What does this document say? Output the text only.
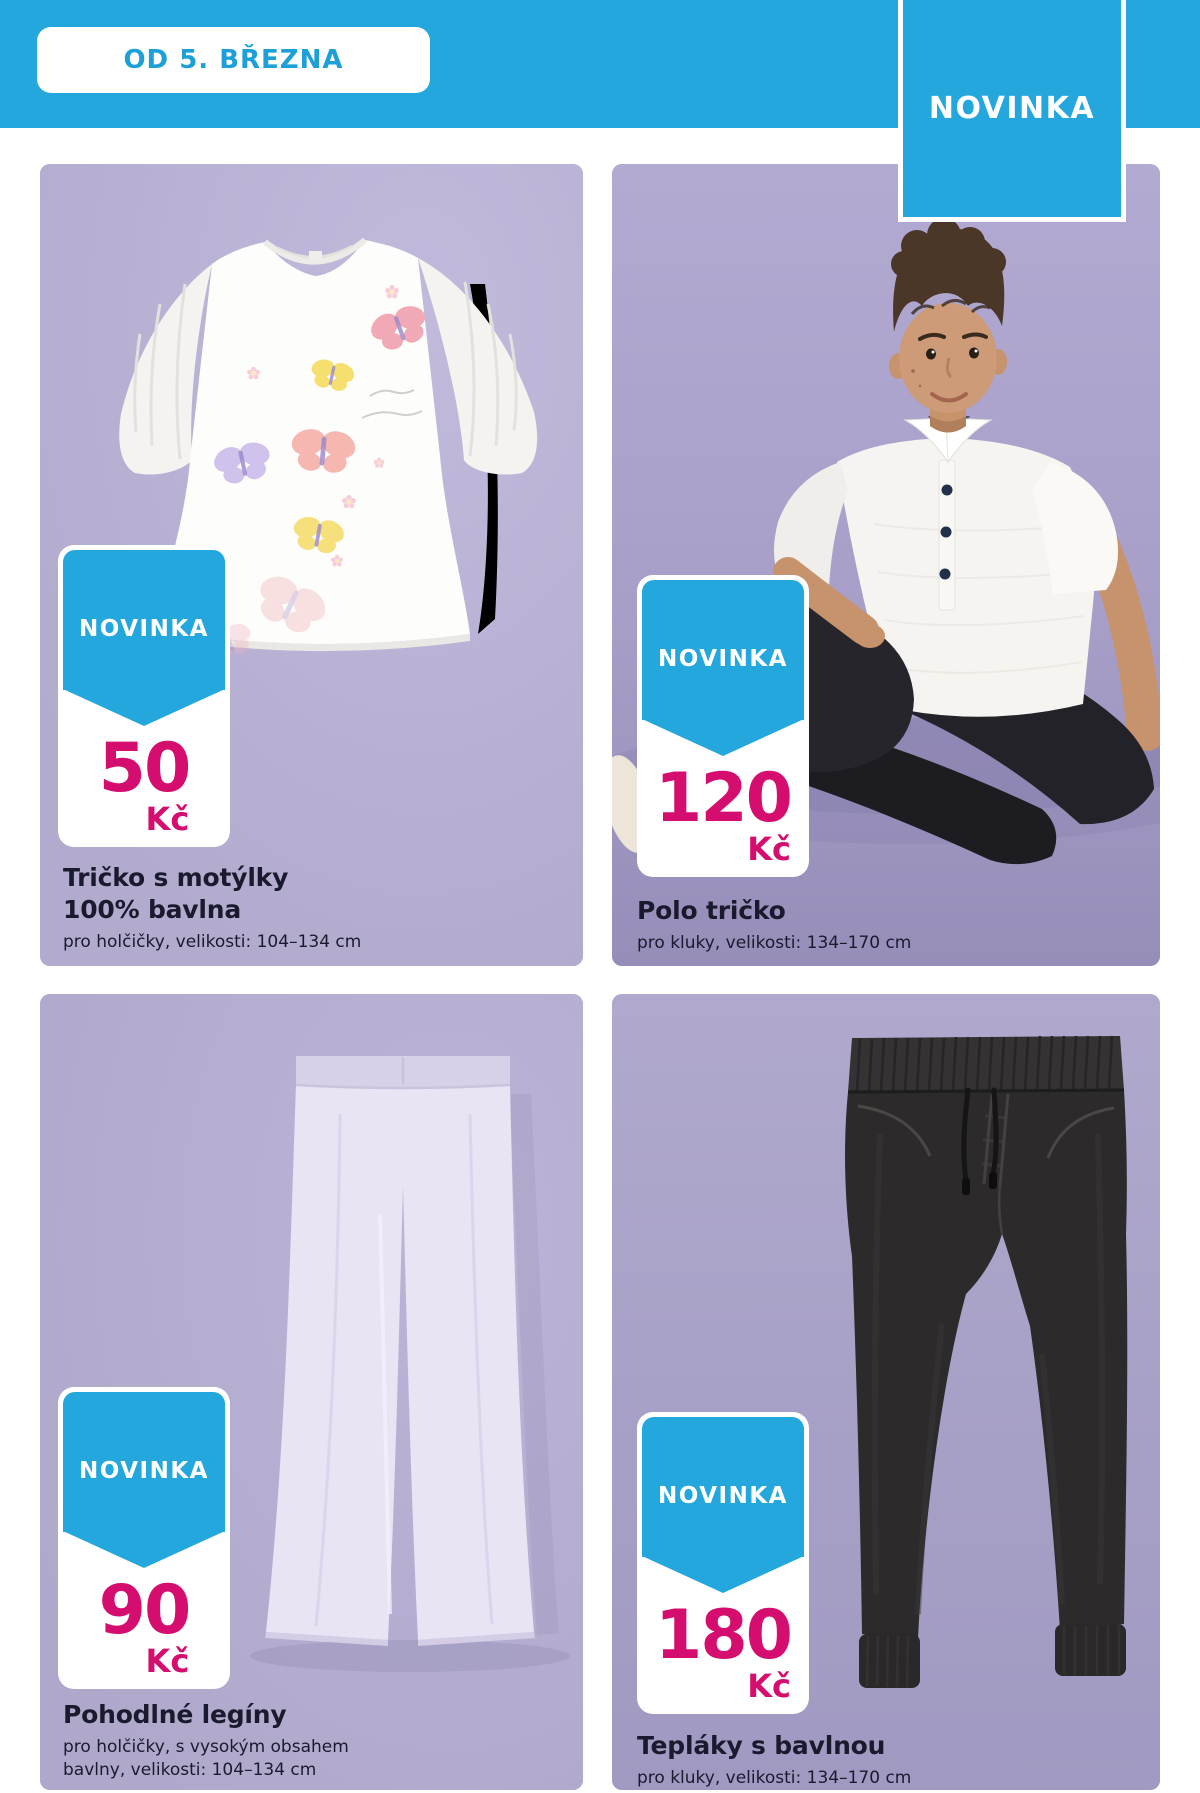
OD 5. BŘEZNA
NOVINKA
50
Kč
Tričko s motýlky
100% bavlna

pro holčičky, velikosti: 104–134 cm

NOVINKA
120
Kč
Polo tričko

pro kluky, velikosti: 134–170 cm

NOVINKA
90
Kč
Pohodlné legíny

pro holčičky, s vysokým obsahem
bavlny, velikosti: 104–134 cm

NOVINKA
180
Kč
Tepláky s bavlnou

pro kluky, velikosti: 134–170 cm

NOVINKA
